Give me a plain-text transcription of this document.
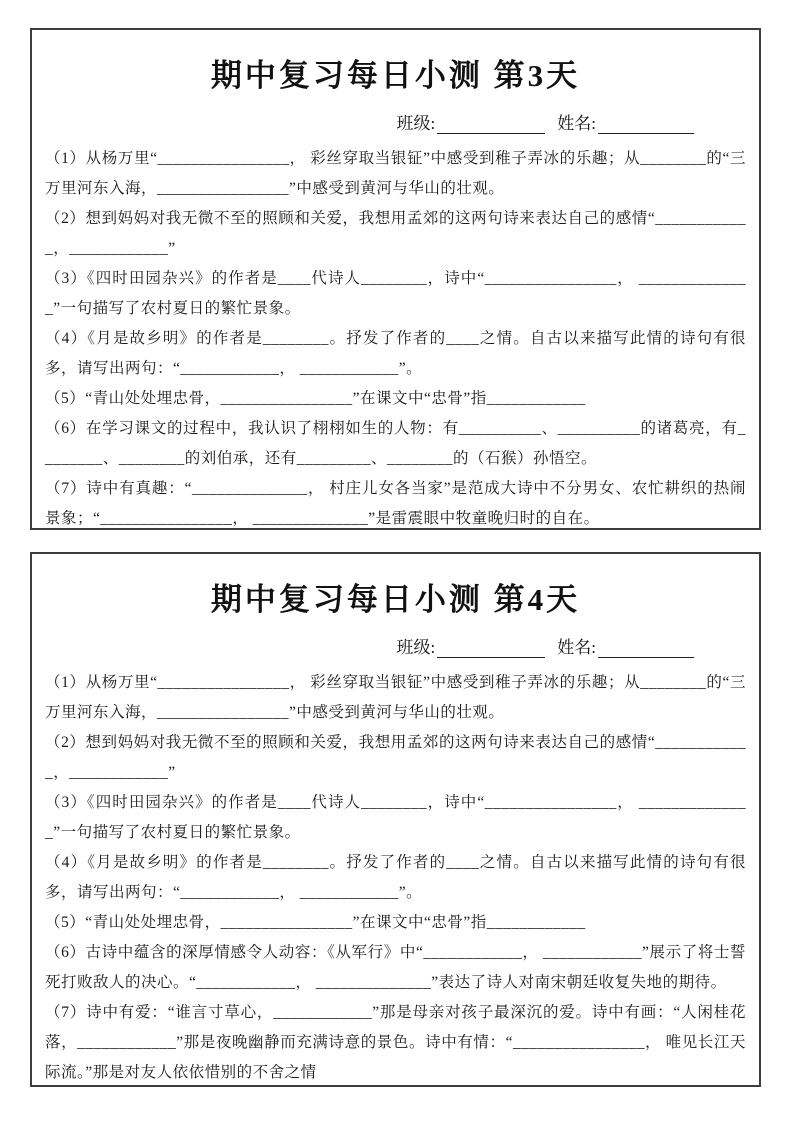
期中复习每日小测 第3天
班级:	姓名:

（1）从杨万里“________________， 彩丝穿取当银钲”中感受到稚子弄冰的乐趣；从________的“三万里河东入海，________________”中感受到黄河与华山的壮观。

（2）想到妈妈对我无微不至的照顾和关爱，我想用孟郊的这两句诗来表达自己的感情“____________，____________”

（3）《四时田园杂兴》的作者是____代诗人________，诗中“________________， ______________”一句描写了农村夏日的繁忙景象。

（4）《月是故乡明》的作者是________。抒发了作者的____之情。自古以来描写此情的诗句有很多，请写出两句：“____________， ____________”。

（5）“青山处处埋忠骨，________________”在课文中“忠骨”指____________

（6）在学习课文的过程中，我认识了栩栩如生的人物：有__________、__________的诸葛亮，有________、________的刘伯承，还有_________、________的（石猴）孙悟空。

（7）诗中有真趣：“______________， 村庄儿女各当家”是范成大诗中不分男女、农忙耕织的热闹景象；“________________， ______________”是雷震眼中牧童晚归时的自在。

期中复习每日小测 第4天
班级:	姓名:

（1）从杨万里“________________， 彩丝穿取当银钲”中感受到稚子弄冰的乐趣；从________的“三万里河东入海，________________”中感受到黄河与华山的壮观。

（2）想到妈妈对我无微不至的照顾和关爱，我想用孟郊的这两句诗来表达自己的感情“____________，____________”

（3）《四时田园杂兴》的作者是____代诗人________，诗中“________________， ______________”一句描写了农村夏日的繁忙景象。

（4）《月是故乡明》的作者是________。抒发了作者的____之情。自古以来描写此情的诗句有很多，请写出两句：“____________， ____________”。

（5）“青山处处埋忠骨，________________”在课文中“忠骨”指____________

（6）古诗中蕴含的深厚情感令人动容：《从军行》中“____________， ____________”展示了将士誓死打败敌人的决心。“____________， ______________”表达了诗人对南宋朝廷收复失地的期待。

（7）诗中有爱：“谁言寸草心，____________”那是母亲对孩子最深沉的爱。诗中有画：“人闲桂花落，____________”那是夜晚幽静而充满诗意的景色。诗中有情：“________________， 唯见长江天际流。”那是对友人依依惜别的不舍之情
